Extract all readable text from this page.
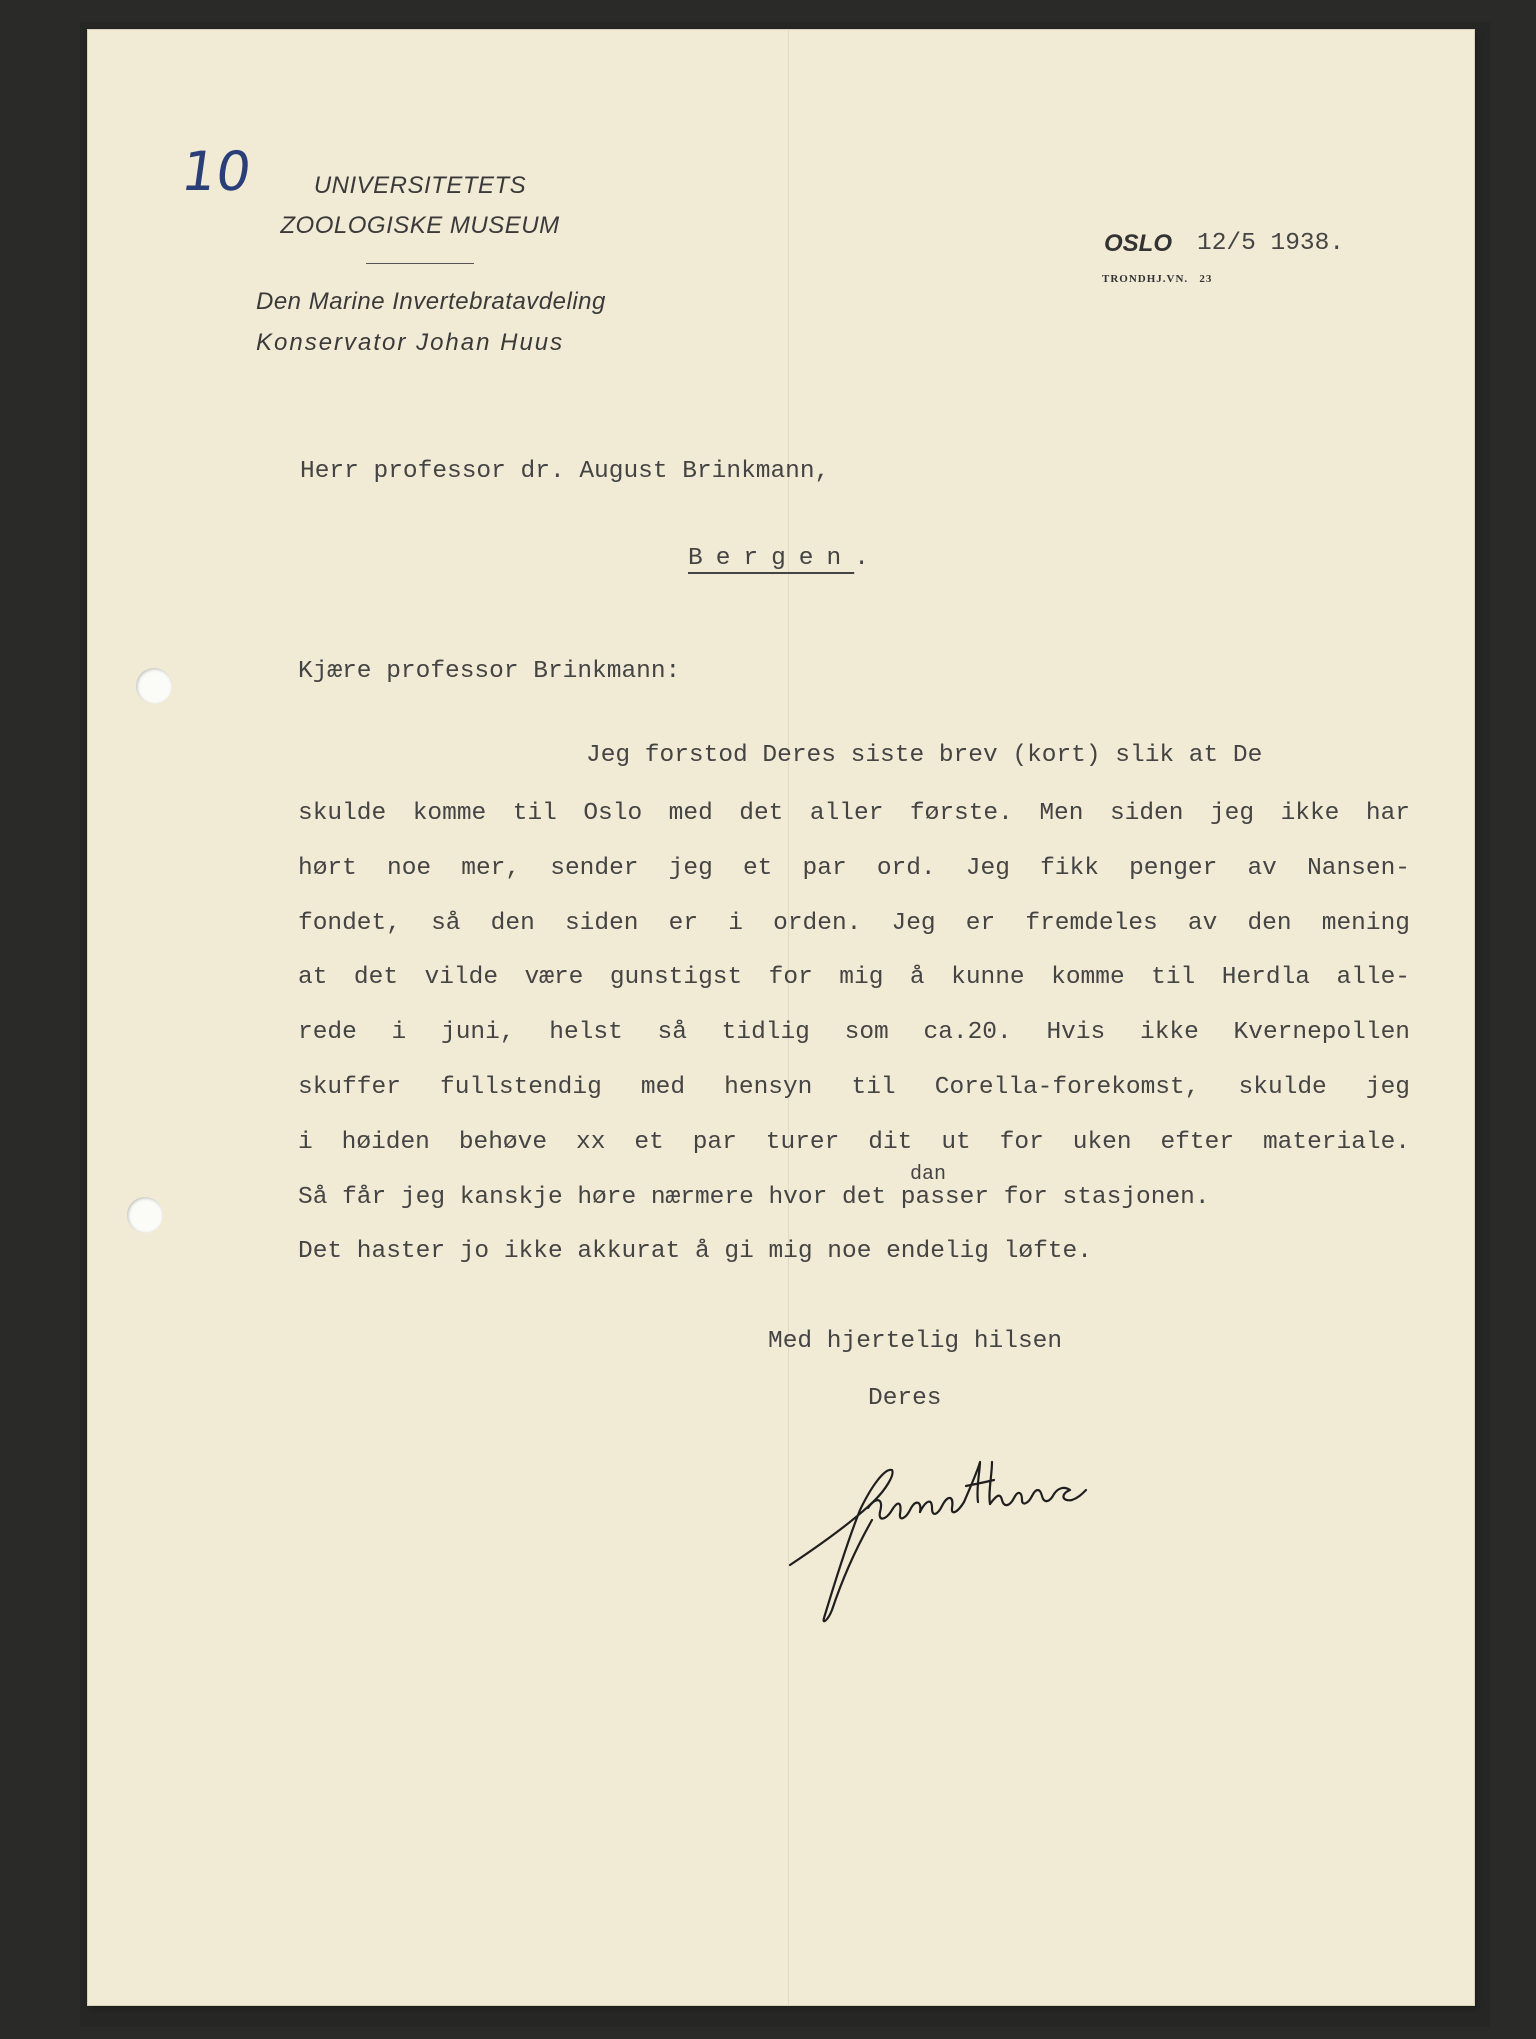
10	UNIVERSITETETS
ZOOLOGISKE MUSEUM
Den Marine Invertebratavdeling
Konservator Johan Huus
OSLO 12/5 1938.
TRONDHJ.VN.   23
Herr professor dr. August Brinkmann,
Bergen.
Kjære professor Brinkmann:
Jeg forstod Deres siste brev (kort) slik at De
skulde komme til Oslo med det aller første. Men siden jeg ikke har
hørt noe mer, sender jeg et par ord. Jeg fikk penger av Nansen-
fondet, så den siden er i orden. Jeg er fremdeles av den mening
at det vilde være gunstigst for mig å kunne komme til Herdla alle-
rede i juni, helst så tidlig som ca.20. Hvis ikke Kvernepollen
skuffer fullstendig med hensyn til Corella-forekomst, skulde jeg
i høiden behøve xx et par turer dit ut for uken efter materiale.
dan
Så får jeg kanskje høre nærmere hvor det passer for stasjonen.
Det haster jo ikke akkurat å gi mig noe endelig løfte.
Med hjertelig hilsen
Deres
